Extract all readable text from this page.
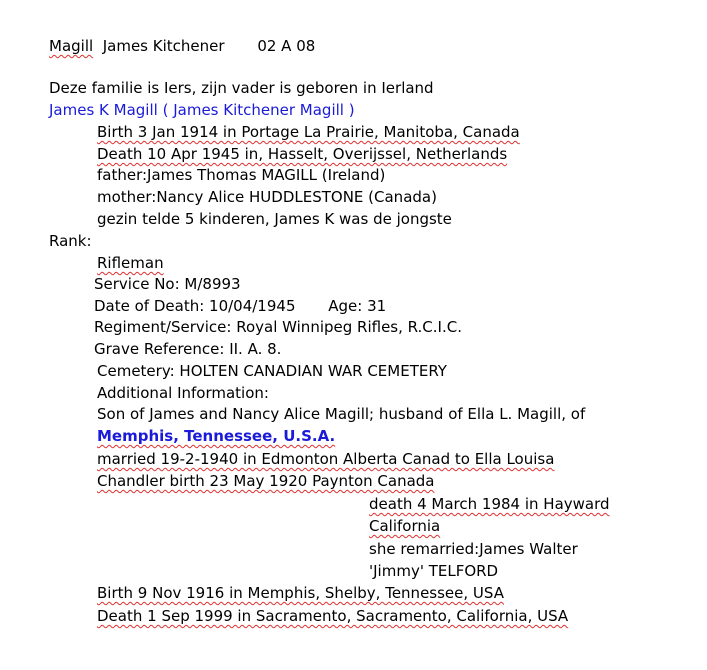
Magill James Kitchener 02 A 08
Deze familie is Iers, zijn vader is geboren in Ierland
James K Magill ( James Kitchener Magill )
Birth 3 Jan 1914 in Portage La Prairie, Manitoba, Canada
Death 10 Apr 1945 in, Hasselt, Overijssel, Netherlands
father:James Thomas MAGILL (Ireland)
mother:Nancy Alice HUDDLESTONE (Canada)
gezin telde 5 kinderen, James K was de jongste
Rank:
Rifleman
Service No: M/8993
Date of Death: 10/04/1945 Age: 31
Regiment/Service: Royal Winnipeg Rifles, R.C.I.C.
Grave Reference: II. A. 8.
Cemetery: HOLTEN CANADIAN WAR CEMETERY
Additional Information:
Son of James and Nancy Alice Magill; husband of Ella L. Magill, of
Memphis, Tennessee, U.S.A.
married 19-2-1940 in Edmonton Alberta Canad to Ella Louisa
Chandler birth 23 May 1920 Paynton Canada
death 4 March 1984 in Hayward
California
she remarried:James Walter
'Jimmy' TELFORD
Birth 9 Nov 1916 in Memphis, Shelby, Tennessee, USA
Death 1 Sep 1999 in Sacramento, Sacramento, California, USA
